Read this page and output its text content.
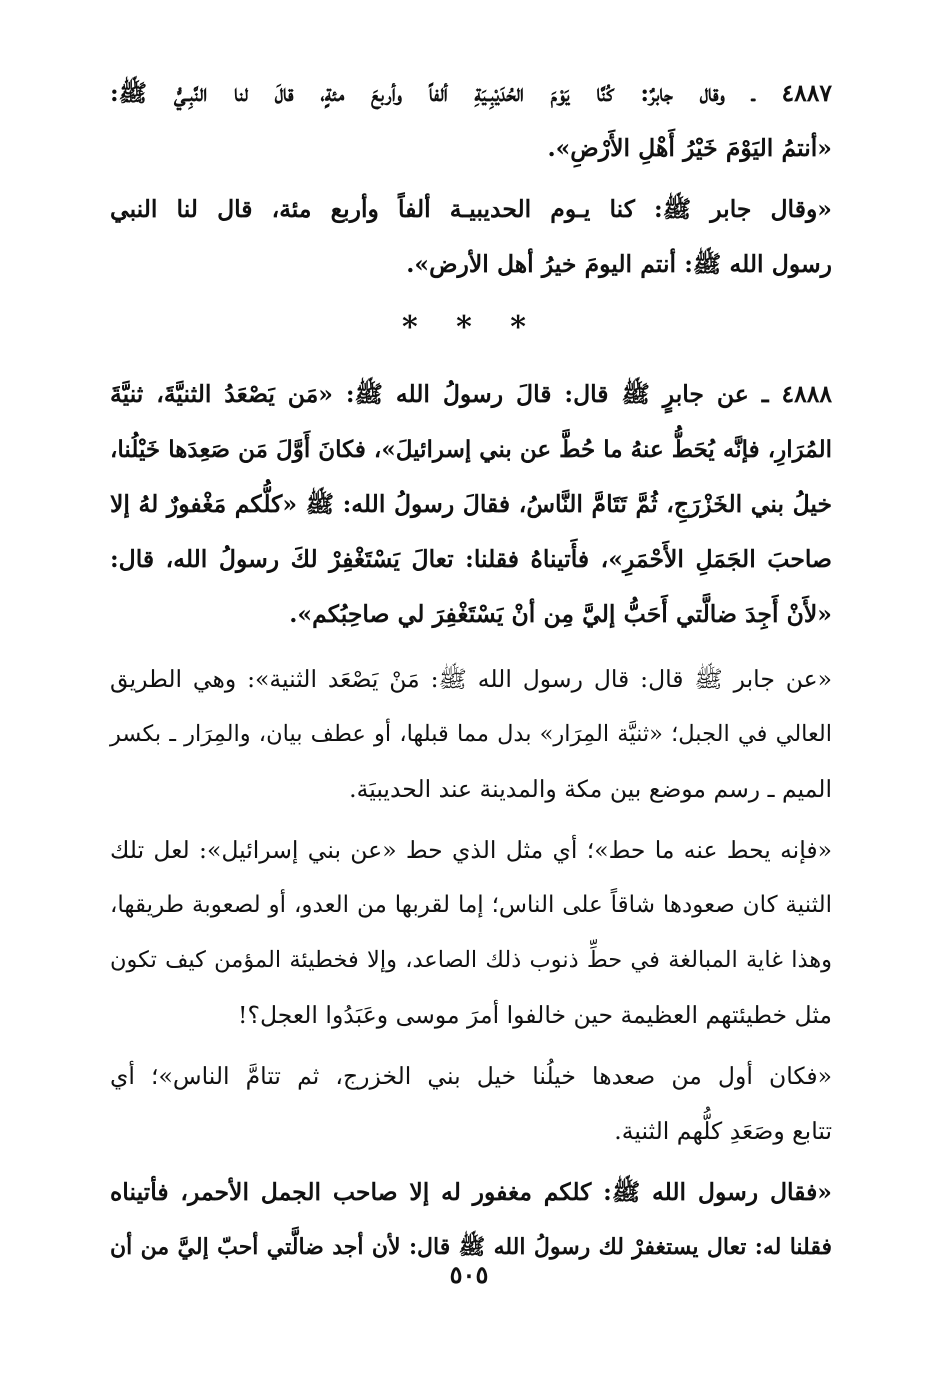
٤٨٨٧ ـ وقال جابرٌ: كُنَّا يَوْمَ الحُدَيْبِـيَةِ ألفاً وأربعَ مئةٍ، قالَ لنا النَّبِـيُّ ﷺ:
«أنتمُ اليَوْمَ خَيْرُ أَهْلِ الأَرْضِ».

«وقال جابر ﷺ: كنا يـوم الحديبيـة ألفاً وأربع مئة، قال لنا النبي
رسول الله ﷺ: أنتم اليومَ خيرُ أهل الأرض».

* * *

٤٨٨٨ ـ عن جابرٍ ﷺ قال: قالَ رسولُ الله ﷺ: «مَن يَصْعَدُ الثنيَّةَ، ثنيَّةَ
المُرَارِ، فإنَّه يُحَطُّ عنهُ ما حُطَّ عن بني إسرائيلَ»، فكانَ أَوَّلَ مَن صَعِدَها خَيْلُنا،
خيلُ بني الخَزْرَجِ، ثُمَّ تَتَامَّ النَّاسُ، فقالَ رسولُ الله: ﷺ «كلُّكم مَغْفورٌ لهُ إلا
صاحبَ الجَمَلِ الأَحْمَرِ»، فأَتيناهُ فقلنا: تعالَ يَسْتَغْفِرْ لكَ رسولُ الله، قال:
«لأَنْ أَجِدَ ضالَّتي أَحَبُّ إليَّ مِن أنْ يَسْتَغْفِرَ لي صاحِبُكم».

«عن جابر ﷺ قال: قال رسول الله ﷺ: مَنْ يَصْعَد الثنية»: وهي الطريق
العالي في الجبل؛ «ثنيَّة المِرَار» بدل مما قبلها، أو عطف بيان، والمِرَار ـ بكسر
الميم ـ رسم موضع بين مكة والمدينة عند الحديبيَة.

«فإنه يحط عنه ما حط»؛ أي مثل الذي حط «عن بني إسرائيل»: لعل تلك
الثنية كان صعودها شاقاً على الناس؛ إما لقربها من العدو، أو لصعوبة طريقها،
وهذا غاية المبالغة في حطِّ ذنوب ذلك الصاعد، وإلا فخطيئة المؤمن كيف تكون
مثل خطيئتهم العظيمة حين خالفوا أمرَ موسى وعَبَدُوا العجل؟!

«فكان أول من صعدها خيلُنا خيل بني الخزرج، ثم تتامَّ الناس»؛ أي
تتابع وصَعَدِ كلُّهم الثنية.

«فقال رسول الله ﷺ: كلكم مغفور له إلا صاحب الجمل الأحمر، فأتيناه
فقلنا له: تعال يستغفرْ لك رسولُ الله ﷺ قال: لأن أجد ضالَّتي أحبّ إليَّ من أن

٥٠٥
